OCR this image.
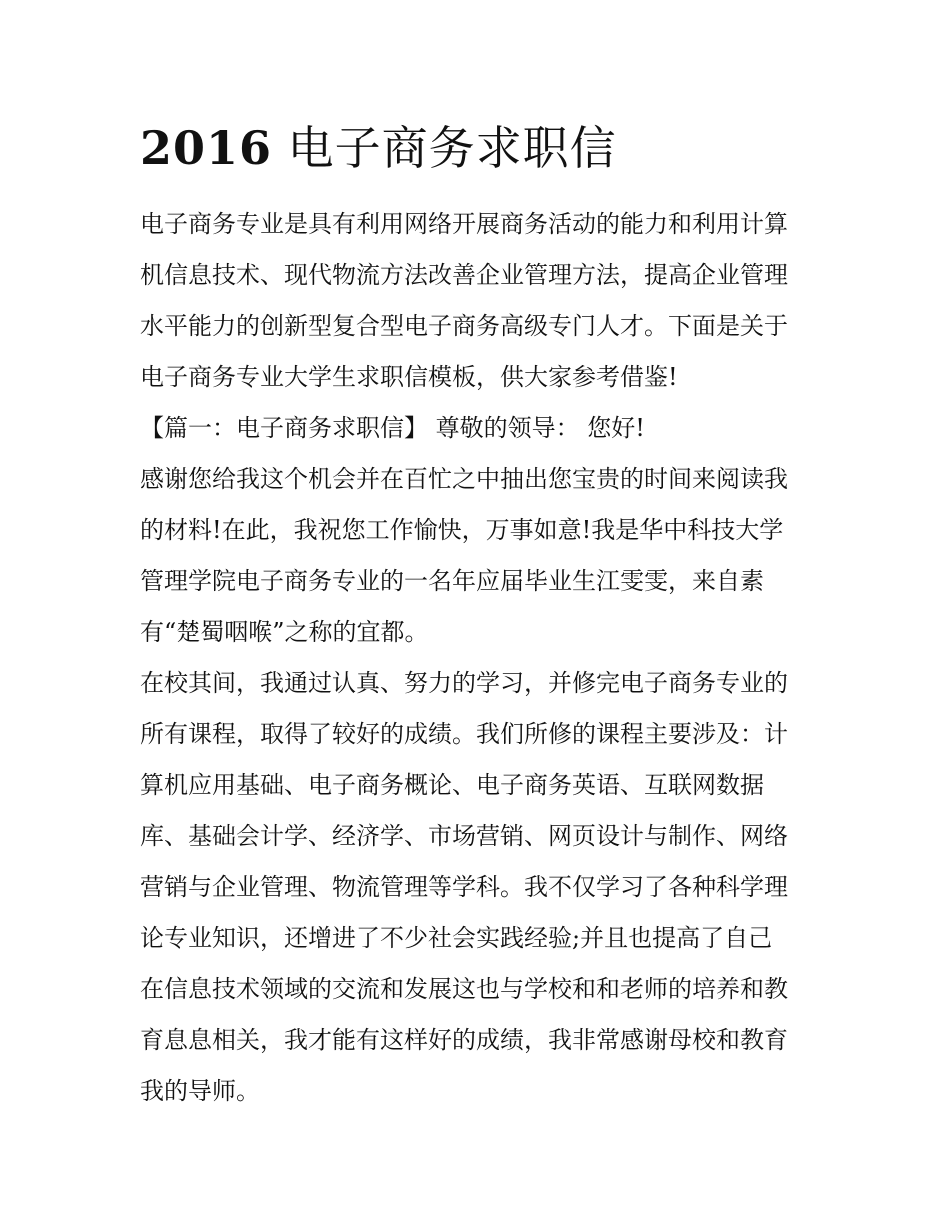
2016 电子商务求职信
电子商务专业是具有利用网络开展商务活动的能力和利用计算
机信息技术、现代物流方法改善企业管理方法，提高企业管理
水平能力的创新型复合型电子商务高级专门人才。下面是关于
电子商务专业大学生求职信模板，供大家参考借鉴!
【篇一：电子商务求职信】 尊敬的领导： 您好!
感谢您给我这个机会并在百忙之中抽出您宝贵的时间来阅读我
的材料!在此，我祝您工作愉快，万事如意!我是华中科技大学
管理学院电子商务专业的一名年应届毕业生江雯雯，来自素
有“楚蜀咽喉”之称的宜都。
在校其间，我通过认真、努力的学习，并修完电子商务专业的
所有课程，取得了较好的成绩。我们所修的课程主要涉及：计
算机应用基础、电子商务概论、电子商务英语、互联网数据
库、基础会计学、经济学、市场营销、网页设计与制作、网络
营销与企业管理、物流管理等学科。我不仅学习了各种科学理
论专业知识，还增进了不少社会实践经验;并且也提高了自己
在信息技术领域的交流和发展这也与学校和和老师的培养和教
育息息相关，我才能有这样好的成绩，我非常感谢母校和教育
我的导师。
